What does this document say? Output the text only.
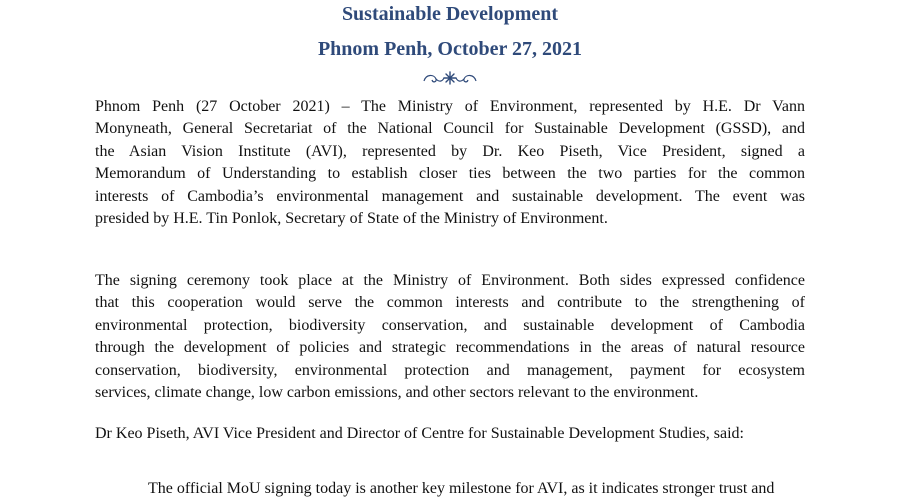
Sustainable Development
Phnom Penh, October 27, 2021
Phnom Penh (27 October 2021) – The Ministry of Environment, represented by H.E. Dr Vann
Monyneath, General Secretariat of the National Council for Sustainable Development (GSSD), and
the Asian Vision Institute (AVI), represented by Dr. Keo Piseth, Vice President, signed a
Memorandum of Understanding to establish closer ties between the two parties for the common
interests of Cambodia’s environmental management and sustainable development. The event was
presided by H.E. Tin Ponlok, Secretary of State of the Ministry of Environment.
The signing ceremony took place at the Ministry of Environment. Both sides expressed confidence
that this cooperation would serve the common interests and contribute to the strengthening of
environmental protection, biodiversity conservation, and sustainable development of Cambodia
through the development of policies and strategic recommendations in the areas of natural resource
conservation, biodiversity, environmental protection and management, payment for ecosystem
services, climate change, low carbon emissions, and other sectors relevant to the environment.
Dr Keo Piseth, AVI Vice President and Director of Centre for Sustainable Development Studies, said:
The official MoU signing today is another key milestone for AVI, as it indicates stronger trust and
